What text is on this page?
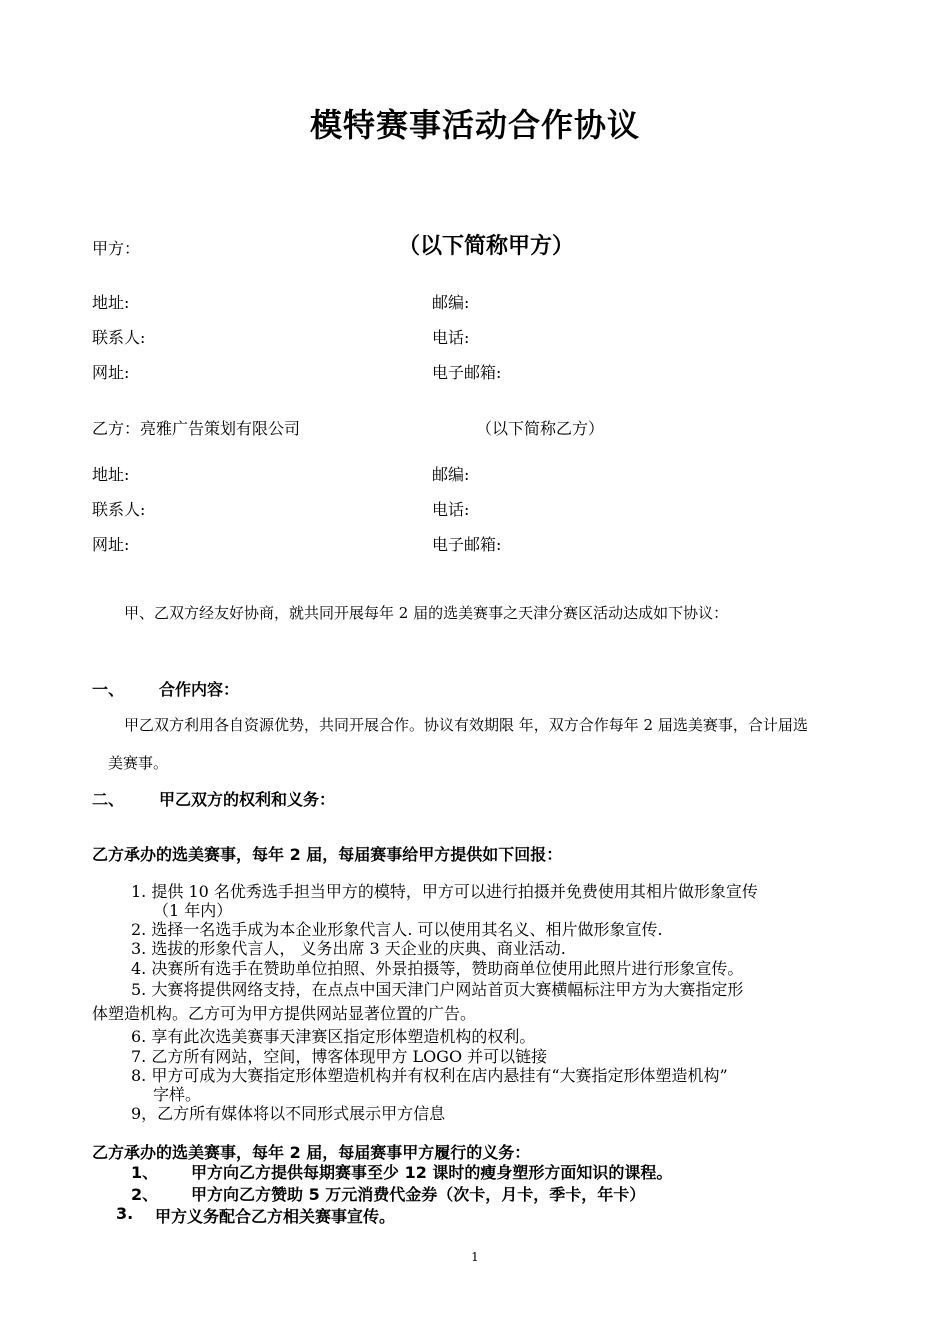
模特赛事活动合作协议
甲方：	（以下简称甲方）
地址:	邮编:
联系人:	电话:
网址:	电子邮箱:
乙方：亮雅广告策划有限公司	（以下简称乙方）
地址:	邮编:
联系人:	电话:
网址:	电子邮箱:
甲、乙双方经友好协商，就共同开展每年 2 届的选美赛事之天津分赛区活动达成如下协议：
一、 合作内容：
甲乙双方利用各自资源优势，共同开展合作。协议有效期限 年，双方合作每年 2 届选美赛事，合计届选
美赛事。
二、 甲乙双方的权利和义务：
乙方承办的选美赛事，每年 2 届，每届赛事给甲方提供如下回报：
1. 提供 10 名优秀选手担当甲方的模特，甲方可以进行拍摄并免费使用其相片做形象宣传
（1 年内）
2. 选择一名选手成为本企业形象代言人. 可以使用其名义、相片做形象宣传.
3. 选拔的形象代言人， 义务出席 3 天企业的庆典、商业活动.
4. 决赛所有选手在赞助单位拍照、外景拍摄等，赞助商单位使用此照片进行形象宣传。
5. 大赛将提供网络支持，在点点中国天津门户网站首页大赛横幅标注甲方为大赛指定形
体塑造机构。乙方可为甲方提供网站显著位置的广告。
6. 享有此次选美赛事天津赛区指定形体塑造机构的权利。
7. 乙方所有网站，空间，博客体现甲方 LOGO 并可以链接
8. 甲方可成为大赛指定形体塑造机构并有权利在店内悬挂有“大赛指定形体塑造机构”
字样。
9，乙方所有媒体将以不同形式展示甲方信息
乙方承办的选美赛事，每年 2 届，每届赛事甲方履行的义务：
1、 甲方向乙方提供每期赛事至少 12 课时的瘦身塑形方面知识的课程。
2、 甲方向乙方赞助 5 万元消费代金券（次卡，月卡，季卡，年卡）
3. 甲方义务配合乙方相关赛事宣传。
1
